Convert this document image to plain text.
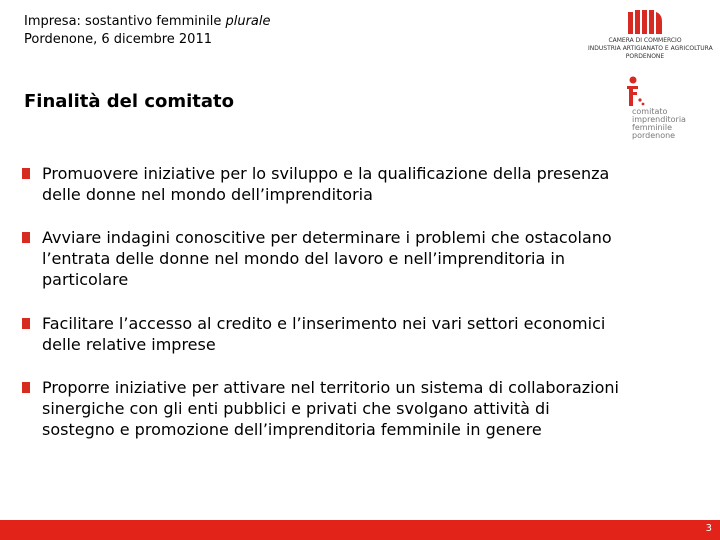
Impresa: sostantivo femminile plurale
Pordenone, 6 dicembre 2011
Finalità del comitato
CAMERA DI COMMERCIO
INDUSTRIA ARTIGIANATO E AGRICOLTURA
PORDENONE
comitato
imprenditoria
femminile
pordenone
Promuovere iniziative per lo sviluppo e la qualificazione della presenza delle donne nel mondo dell’imprenditoria
Avviare indagini conoscitive per determinare i problemi che ostacolano l’entrata delle donne nel mondo del lavoro e nell’imprenditoria in particolare
Facilitare l’accesso al credito e l’inserimento nei vari settori economici delle relative imprese
Proporre iniziative per attivare nel territorio un sistema di collaborazioni sinergiche con gli enti pubblici e privati che svolgano attività di sostegno e promozione dell’imprenditoria femminile in genere
3
